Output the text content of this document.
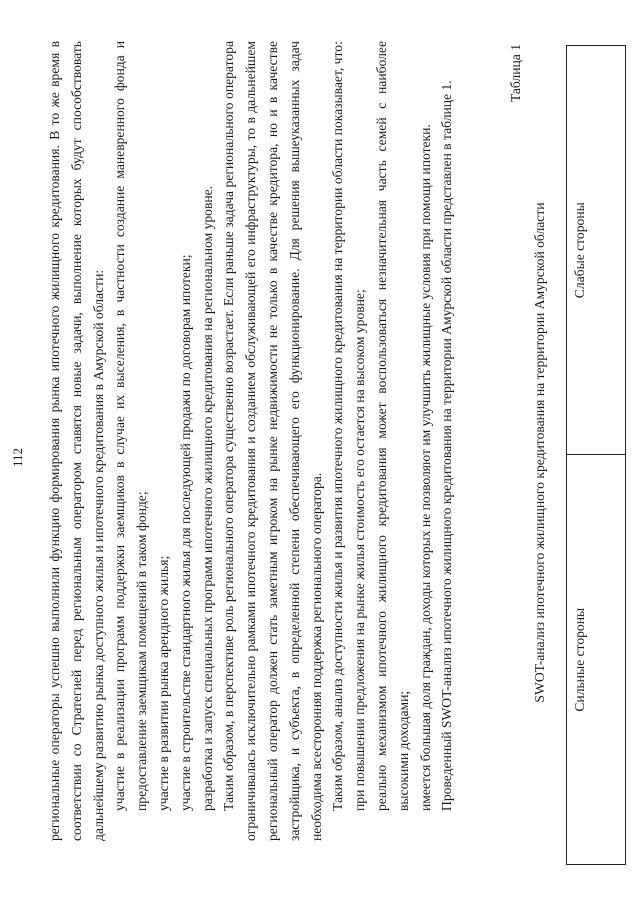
112 региональные операторы успешно выполнили функцию формирования рынка ипотечного жилищного кредитования. В то же время в соответствии со Стратегией перед региональным оператором ставятся новые задачи, выполнение которых будут способствовать дальнейшему развитию рынка доступного жилья и ипотечного кредитования в Амурской области: участие в реализации программ поддержки заемщиков в случае их выселения, в частности создание маневренного фонда и предоставление заемщикам помещений в таком фонде; участие в развитии рынка арендного жилья; участие в строительстве стандартного жилья для последующей продажи по договорам ипотеки; разработка и запуск специальных программ ипотечного жилищного кредитования на региональном уровне. Таким образом, в перспективе роль регионального оператора существенно возрастает. Если раньше задача регионального оператора ограничивалась исключительно рамками ипотечного кредитования и созданием обслуживающей его инфраструктуры, то в дальнейшем региональный оператор должен стать заметным игроком на рынке недвижимости не только в качестве кредитора, но и в качестве застройщика, и субъекта, в определенной степени обеспечивающего его функционирование. Для решения вышеуказанных задач необходима всесторонняя поддержка регионального оператора. Таким образом, анализ доступности жилья и развития ипотечного жилищного кредитования на территории области показывает, что: при повышении предложения на рынке жилья стоимость его остается на высоком уровне; реально механизмом ипотечного жилищного кредитования может воспользоваться незначительная часть семей с наиболее высокими доходами; имеется большая доля граждан, доходы которых не позволяют им улучшить жилищные условия при помощи ипотеки. Проведенный SWOT-анализ ипотечного жилищного кредитования на территории Амурской области представлен в таблице 1.

Таблица 1
SWOT-анализ ипотечного жилищного кредитования на территории Амурской области Сильные стороны	Слабые стороны
